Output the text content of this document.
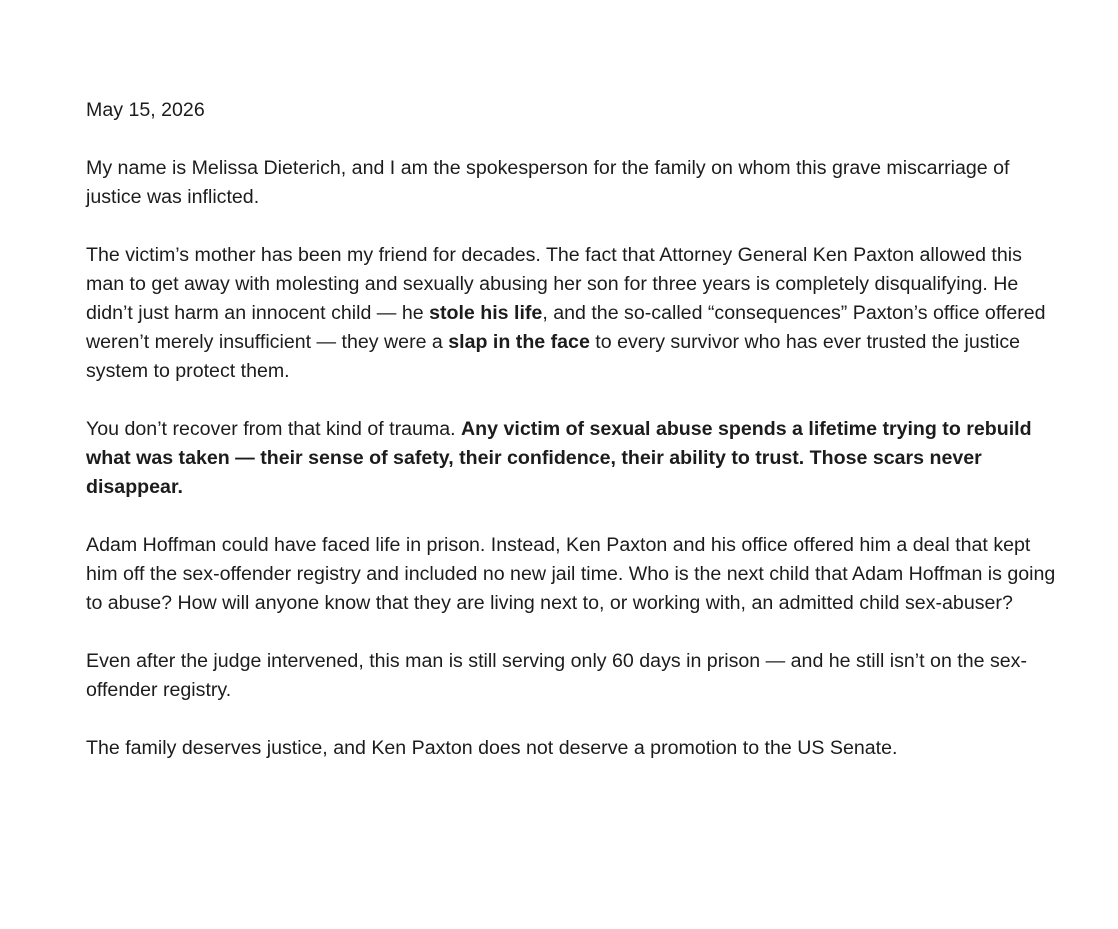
May 15, 2026
My name is Melissa Dieterich, and I am the spokesperson for the family on whom this grave miscarriage of justice was inflicted.
The victim’s mother has been my friend for decades. The fact that Attorney General Ken Paxton allowed this man to get away with molesting and sexually abusing her son for three years is completely disqualifying. He didn’t just harm an innocent child — he stole his life, and the so-called “consequences” Paxton’s office offered weren’t merely insufficient — they were a slap in the face to every survivor who has ever trusted the justice system to protect them.
You don’t recover from that kind of trauma. Any victim of sexual abuse spends a lifetime trying to rebuild what was taken — their sense of safety, their confidence, their ability to trust. Those scars never disappear.
Adam Hoffman could have faced life in prison. Instead, Ken Paxton and his office offered him a deal that kept him off the sex-offender registry and included no new jail time. Who is the next child that Adam Hoffman is going to abuse? How will anyone know that they are living next to, or working with, an admitted child sex-abuser?
Even after the judge intervened, this man is still serving only 60 days in prison — and he still isn’t on the sex-offender registry.
The family deserves justice, and Ken Paxton does not deserve a promotion to the US Senate.
